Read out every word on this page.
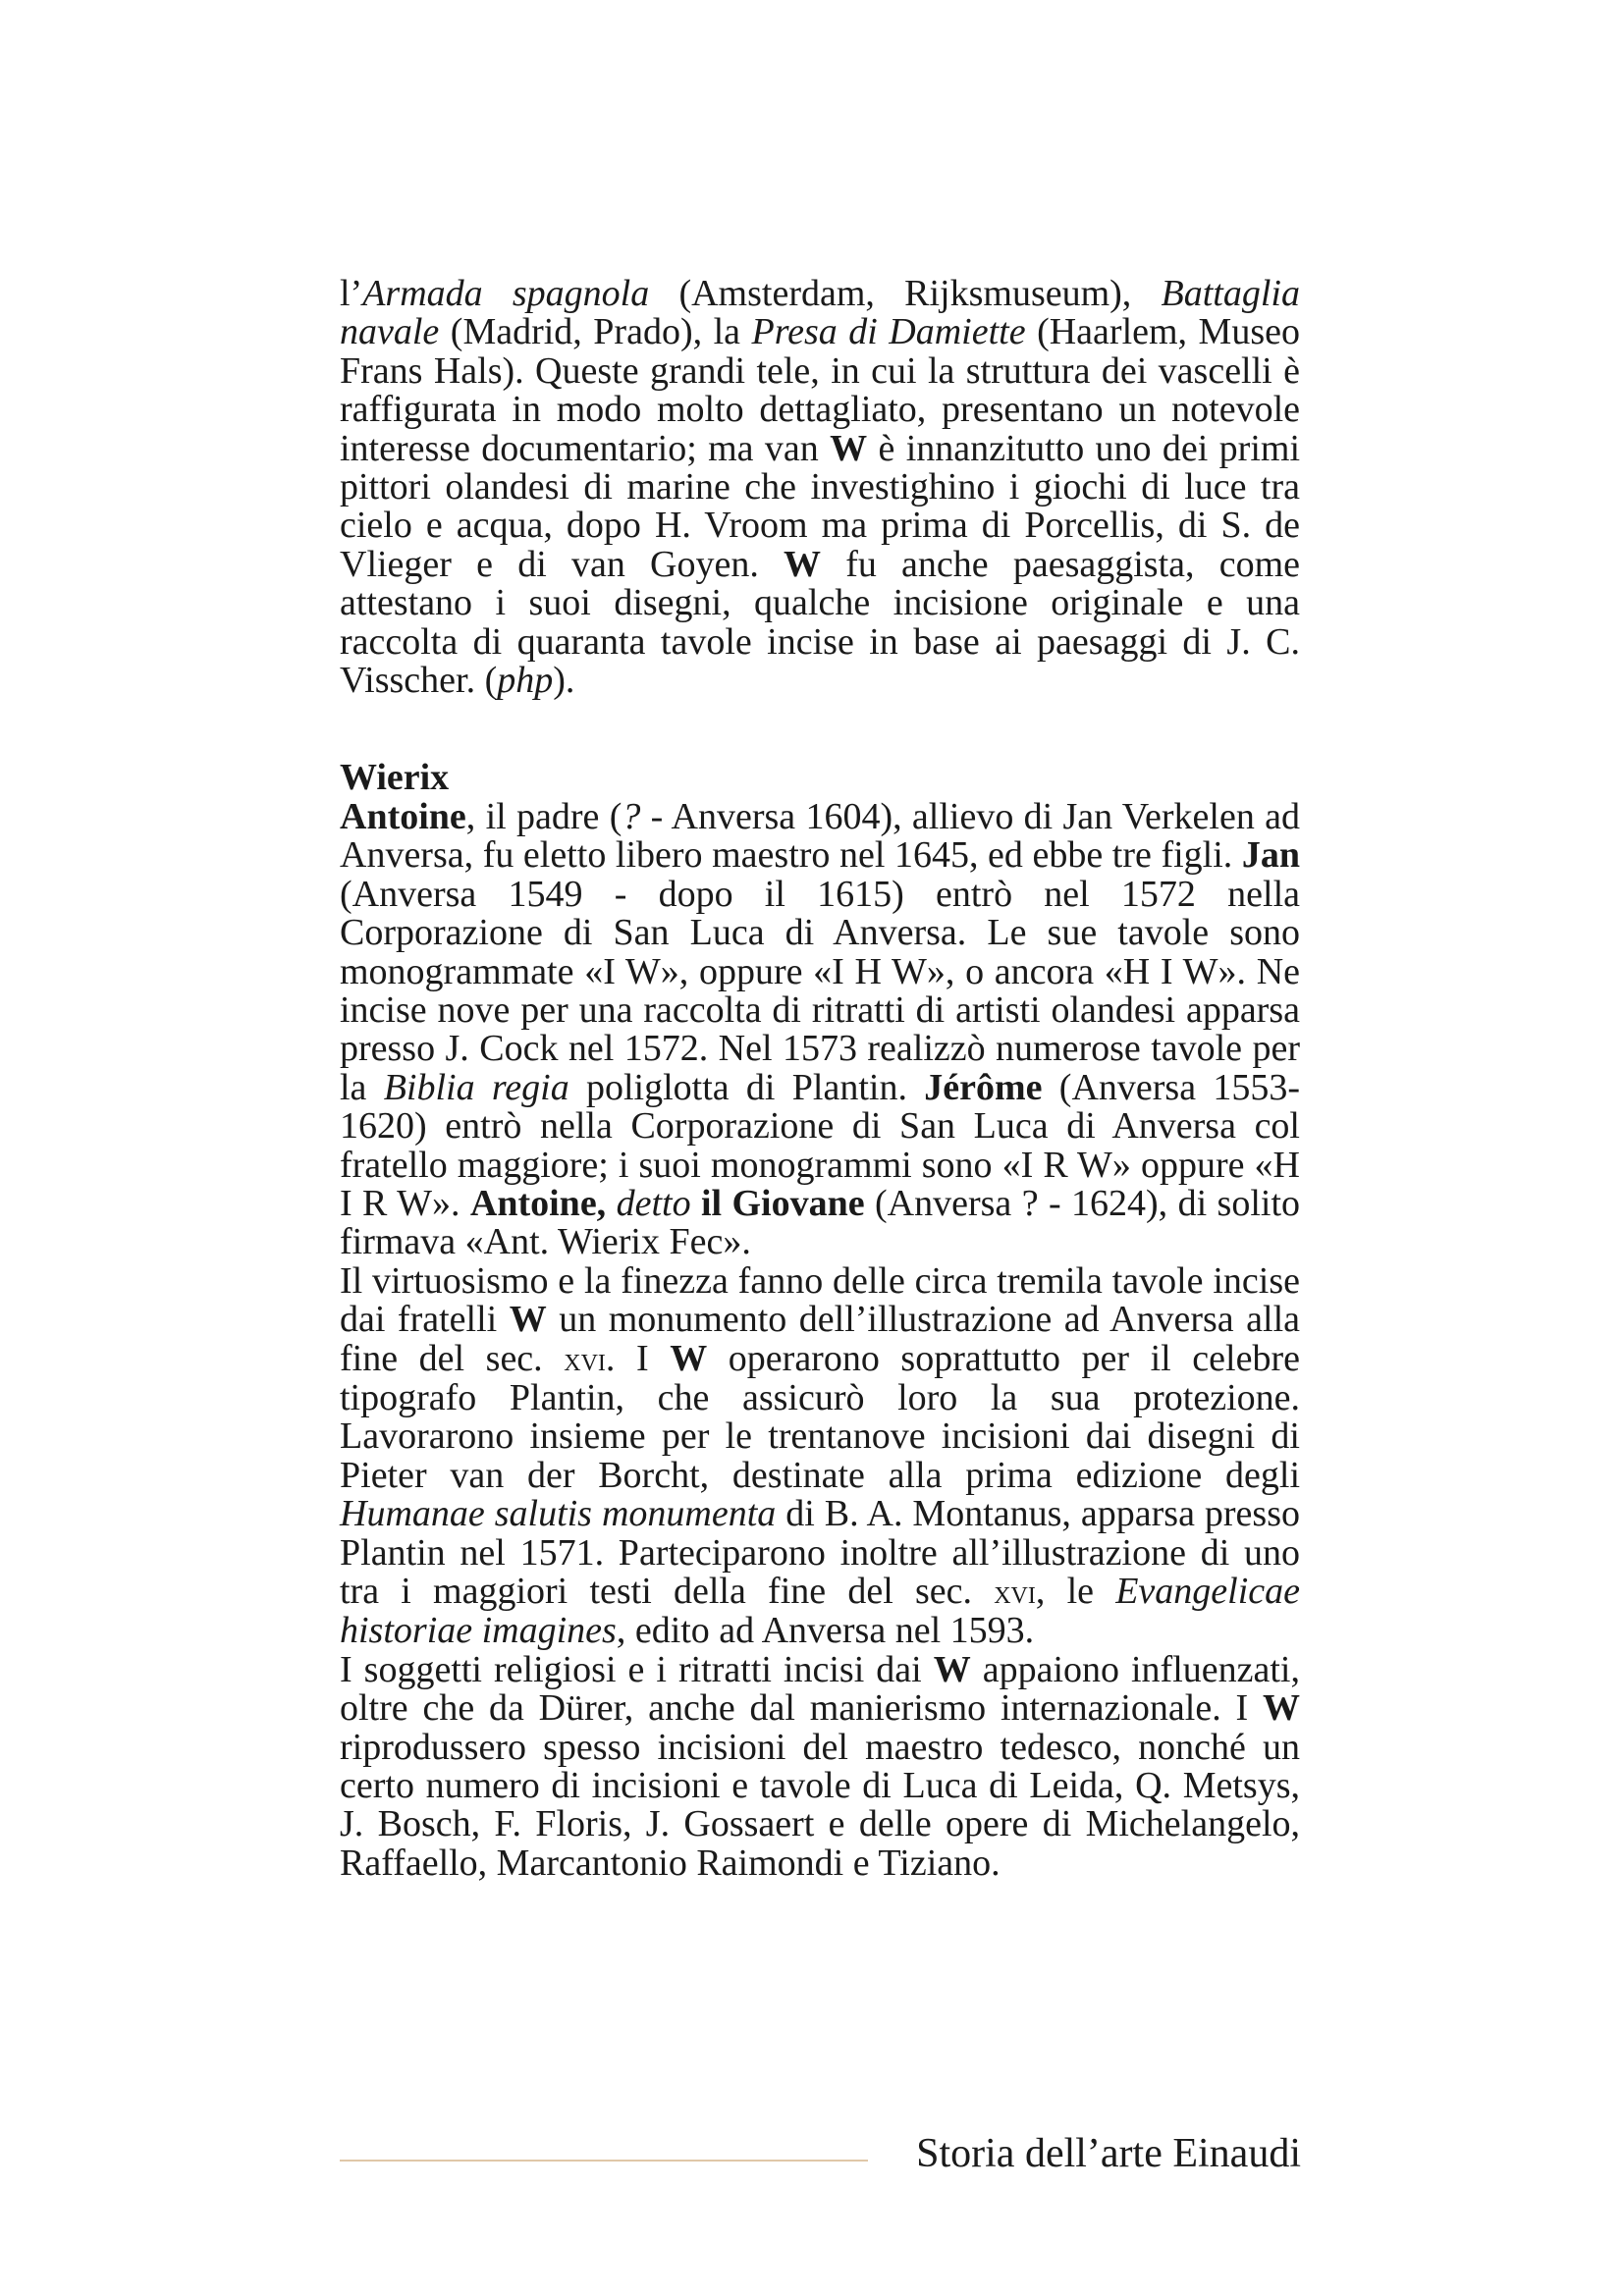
l’Armada spagnola (Amsterdam, Rijksmuseum), Battaglia navale (Madrid, Prado), la Presa di Damiette (Haarlem, Museo Frans Hals). Queste grandi tele, in cui la struttura dei vascelli è raffigurata in modo molto dettagliato, presentano un notevole interesse documentario; ma van W è innanzitutto uno dei primi pittori olandesi di marine che investighino i giochi di luce tra cielo e acqua, dopo H. Vroom ma prima di Porcellis, di S. de Vlieger e di van Goyen. W fu anche paesaggista, come attestano i suoi disegni, qualche incisione originale e una raccolta di quaranta tavole incise in base ai paesaggi di J. C. Visscher. (php).

Wierix

Antoine, il padre (? - Anversa 1604), allievo di Jan Verkelen ad Anversa, fu eletto libero maestro nel 1645, ed ebbe tre figli. Jan (Anversa 1549 - dopo il 1615) entrò nel 1572 nella Corporazione di San Luca di Anversa. Le sue tavole sono monogrammate «I W», oppure «I H W», o ancora «H I W». Ne incise nove per una raccolta di ritratti di artisti olandesi apparsa presso J. Cock nel 1572. Nel 1573 realizzò numerose tavole per la Biblia regia poliglotta di Plantin. Jérôme (Anversa 1553-1620) entrò nella Corporazione di San Luca di Anversa col fratello maggiore; i suoi monogrammi sono «I R W» oppure «H I R W». Antoine, detto il Giovane (Anversa ? - 1624), di solito firmava «Ant. Wierix Fec».

Il virtuosismo e la finezza fanno delle circa tremila tavole incise dai fratelli W un monumento dell’illustrazione ad Anversa alla fine del sec. xvi. I W operarono soprattutto per il celebre tipografo Plantin, che assicurò loro la sua protezione. Lavorarono insieme per le trentanove incisioni dai disegni di Pieter van der Borcht, destinate alla prima edizione degli Humanae salutis monumenta di B. A. Montanus, apparsa presso Plantin nel 1571. Parteciparono inoltre all’illustrazione di uno tra i maggiori testi della fine del sec. xvi, le Evangelicae historiae imagines, edito ad Anversa nel 1593.

I soggetti religiosi e i ritratti incisi dai W appaiono influenzati, oltre che da Dürer, anche dal manierismo internazionale. I W riprodussero spesso incisioni del maestro tedesco, nonché un certo numero di incisioni e tavole di Luca di Leida, Q. Metsys, J. Bosch, F. Floris, J. Gossaert e delle opere di Michelangelo, Raffaello, Marcantonio Raimondi e Tiziano.

Storia dell’arte Einaudi
